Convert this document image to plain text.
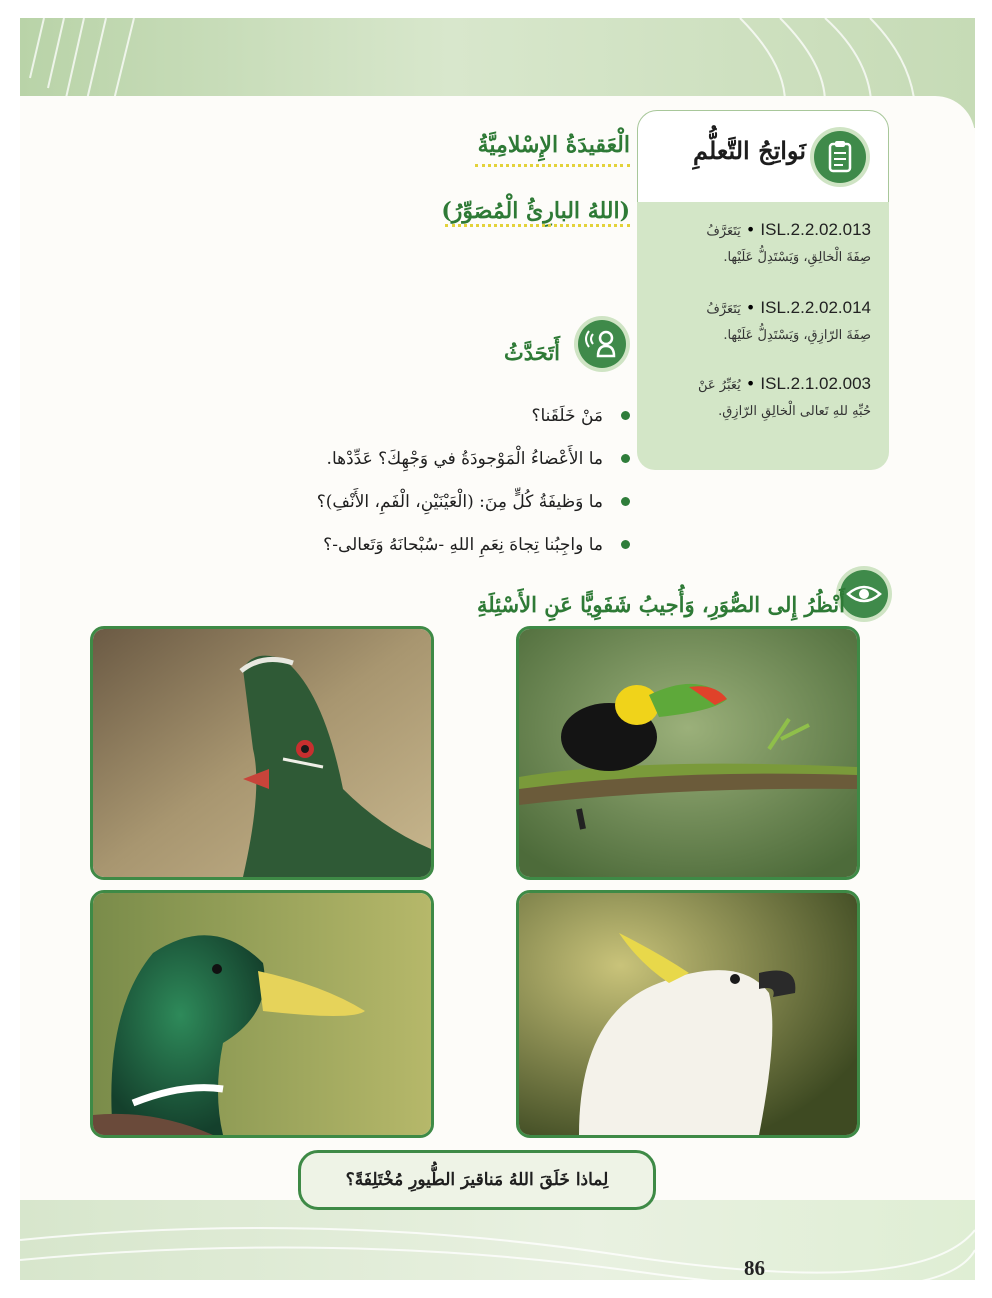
نَواتِجُ التَّعلُّمِ
ISL.2.2.02.013 • يَتَعَرَّفُ
صِفَةَ الْخالِقِ، وَيَسْتَدِلُّ عَلَيْها.
ISL.2.2.02.014 • يَتَعَرَّفُ
صِفَةَ الرّازِقِ، وَيَسْتَدِلُّ عَلَيْها.
ISL.2.1.02.003 • يُعَبِّرُ عَنْ
حُبِّهِ للهِ تَعالى الْخالِقِ الرّازِقِ.
الْعَقيدَةُ الإِسْلامِيَّةُ
(اللهُ البارِئُ الْمُصَوِّرُ)
أَتَحَدَّثُ
مَنْ خَلَقَنا؟
ما الأَعْضاءُ الْمَوْجودَةُ في وَجْهِكَ؟ عَدِّدْها.
ما وَظيفَةُ كُلٍّ مِنَ: (الْعَيْنَيْنِ، الْفَمِ، الأَنْفِ)؟
ما واجِبُنا تِجاهَ نِعَمِ اللهِ -سُبْحانَهُ وَتَعالى-؟
أَنْظُرُ إِلى الصُّوَرِ، وَأُجيبُ شَفَوِيًّا عَنِ الأَسْئِلَةِ
لِماذا خَلَقَ اللهُ مَناقيرَ الطُّيورِ مُخْتَلِفَةً؟
86
